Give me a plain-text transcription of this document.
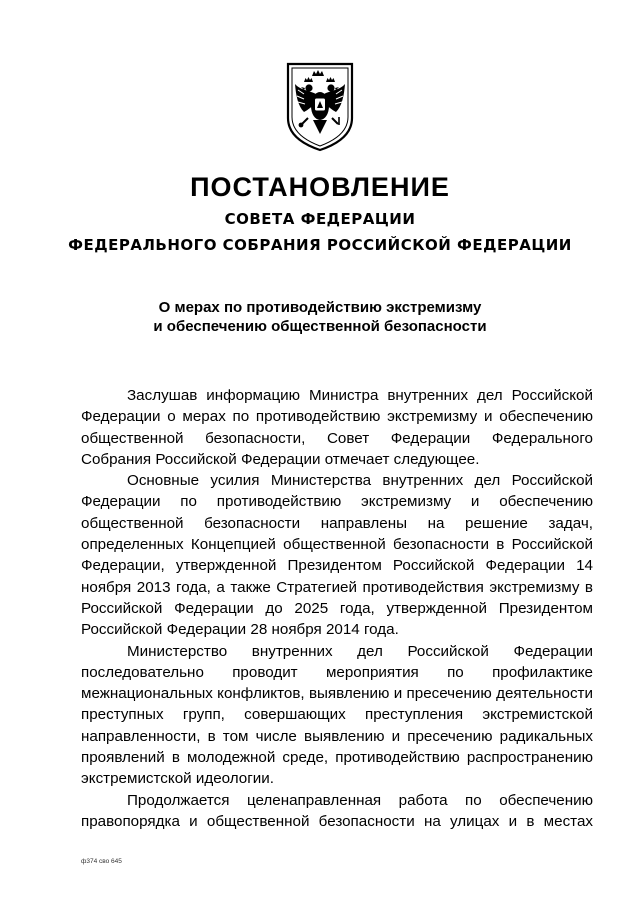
ПОСТАНОВЛЕНИЕ
СОВЕТА ФЕДЕРАЦИИ
ФЕДЕРАЛЬНОГО СОБРАНИЯ РОССИЙСКОЙ ФЕДЕРАЦИИ
О мерах по противодействию экстремизму
и обеспечению общественной безопасности

Заслушав информацию Министра внутренних дел Российской Федерации о мерах по противодействию экстремизму и обеспечению общественной безопасности, Совет Федерации Федерального Собрания Российской Федерации отмечает следующее.

Основные усилия Министерства внутренних дел Российской Федерации по противодействию экстремизму и обеспечению общественной безопасности направлены на решение задач, определенных Концепцией общественной безопасности в Российской Федерации, утвержденной Президентом Российской Федерации 14 ноября 2013 года, а также Стратегией противодействия экстремизму в Российской Федерации до 2025 года, утвержденной Президентом Российской Федерации 28 ноября 2014 года.

Министерство внутренних дел Российской Федерации последовательно проводит мероприятия по профилактике межнациональных конфликтов, выявлению и пресечению деятельности преступных групп, совершающих преступления экстремистской направленности, в том числе выявлению и пресечению радикальных проявлений в молодежной среде, противодействию распространению экстремистской идеологии.

Продолжается целенаправленная работа по обеспечению правопорядка и общественной безопасности на улицах и в местах

ф374 сво 645
